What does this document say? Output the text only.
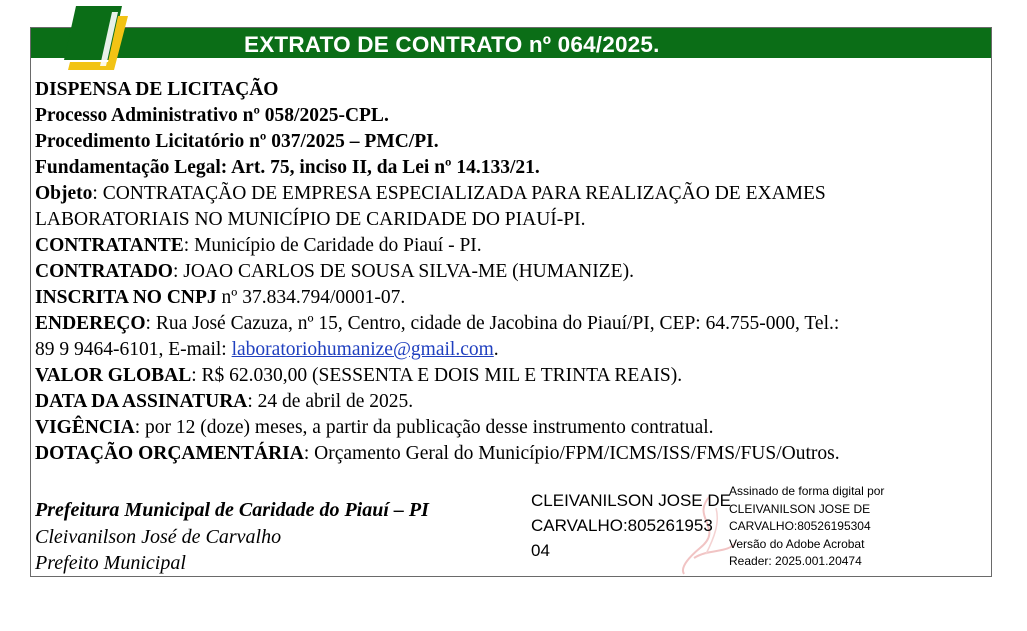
EXTRATO DE CONTRATO nº 064/2025.
DISPENSA DE LICITAÇÃO
Processo Administrativo nº 058/2025-CPL.
Procedimento Licitatório nº 037/2025 – PMC/PI.
Fundamentação Legal: Art. 75, inciso II, da Lei nº 14.133/21.
Objeto: CONTRATAÇÃO DE EMPRESA ESPECIALIZADA PARA REALIZAÇÃO DE EXAMES
LABORATORIAIS NO MUNICÍPIO DE CARIDADE DO PIAUÍ-PI.
CONTRATANTE: Município de Caridade do Piauí - PI.
CONTRATADO: JOAO CARLOS DE SOUSA SILVA-ME (HUMANIZE).
INSCRITA NO CNPJ nº 37.834.794/0001-07.
ENDEREÇO: Rua José Cazuza, nº 15, Centro, cidade de Jacobina do Piauí/PI, CEP: 64.755-000, Tel.:
89 9 9464-6101, E-mail: laboratoriohumanize@gmail.com.
VALOR GLOBAL: R$ 62.030,00 (SESSENTA E DOIS MIL E TRINTA REAIS).
DATA DA ASSINATURA: 24 de abril de 2025.
VIGÊNCIA: por 12 (doze) meses, a partir da publicação desse instrumento contratual.
DOTAÇÃO ORÇAMENTÁRIA: Orçamento Geral do Município/FPM/ICMS/ISS/FMS/FUS/Outros.
Prefeitura Municipal de Caridade do Piauí – PI
Cleivanilson José de Carvalho
Prefeito Municipal
CLEIVANILSON JOSE DE
CARVALHO:805261953
04
Assinado de forma digital por
CLEIVANILSON JOSE DE
CARVALHO:80526195304
Versão do Adobe Acrobat
Reader: 2025.001.20474
